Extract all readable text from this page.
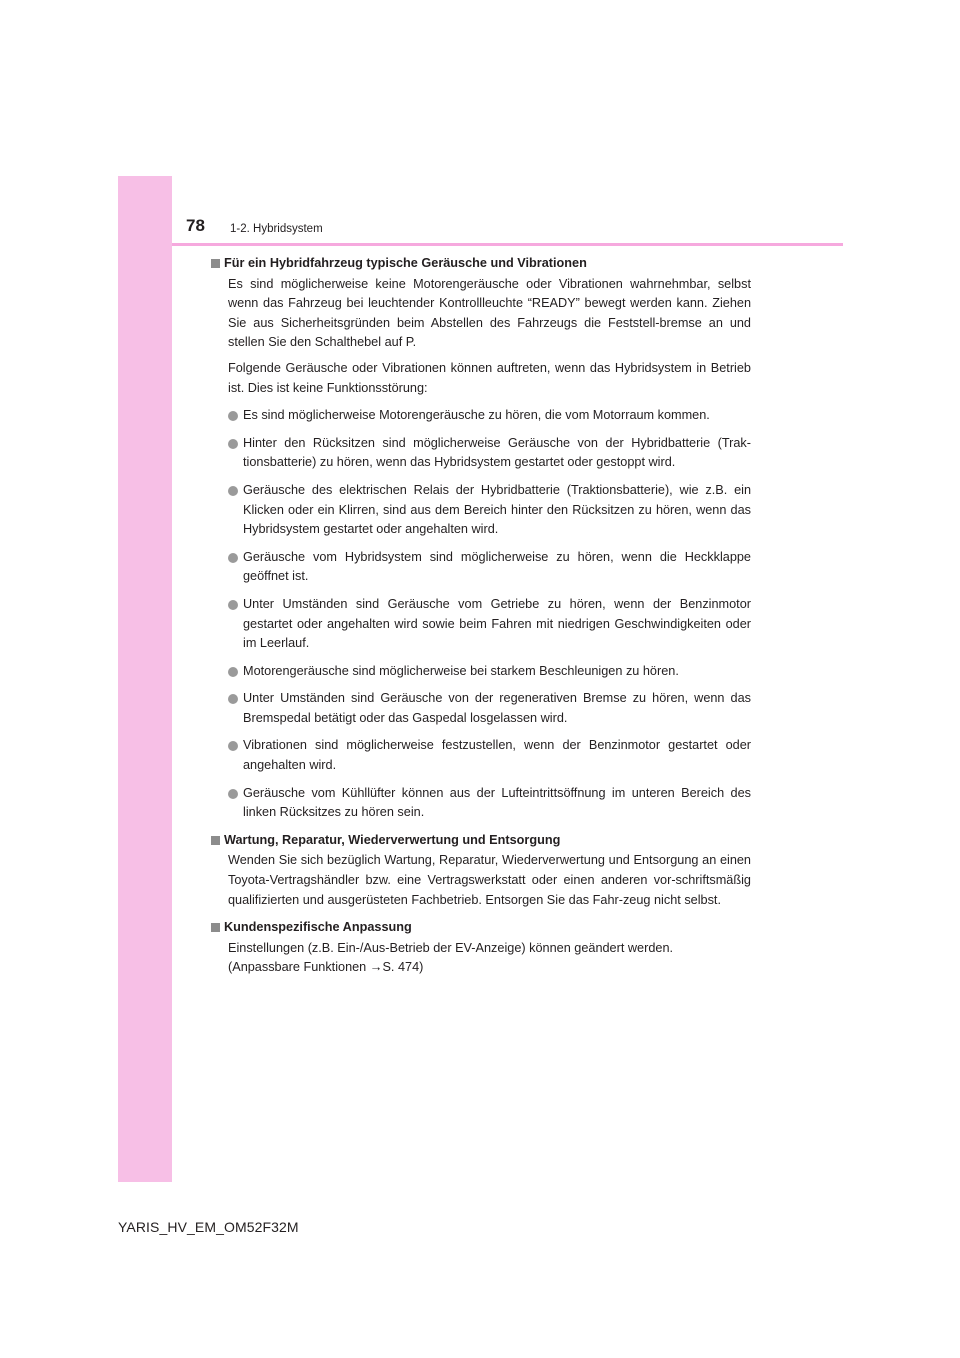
78 1-2. Hybridsystem
Für ein Hybridfahrzeug typische Geräusche und Vibrationen

Es sind möglicherweise keine Motorengeräusche oder Vibrationen wahrnehmbar, selbst wenn das Fahrzeug bei leuchtender Kontrollleuchte “READY” bewegt werden kann. Ziehen Sie aus Sicherheitsgründen beim Abstellen des Fahrzeugs die Feststell-bremse an und stellen Sie den Schalthebel auf P.

Folgende Geräusche oder Vibrationen können auftreten, wenn das Hybridsystem in Betrieb ist. Dies ist keine Funktionsstörung:

Es sind möglicherweise Motorengeräusche zu hören, die vom Motorraum kommen.
Hinter den Rücksitzen sind möglicherweise Geräusche von der Hybridbatterie (Trak-tionsbatterie) zu hören, wenn das Hybridsystem gestartet oder gestoppt wird.
Geräusche des elektrischen Relais der Hybridbatterie (Traktionsbatterie), wie z.B. ein Klicken oder ein Klirren, sind aus dem Bereich hinter den Rücksitzen zu hören, wenn das Hybridsystem gestartet oder angehalten wird.
Geräusche vom Hybridsystem sind möglicherweise zu hören, wenn die Heckklappe geöffnet ist.
Unter Umständen sind Geräusche vom Getriebe zu hören, wenn der Benzinmotor gestartet oder angehalten wird sowie beim Fahren mit niedrigen Geschwindigkeiten oder im Leerlauf.
Motorengeräusche sind möglicherweise bei starkem Beschleunigen zu hören.
Unter Umständen sind Geräusche von der regenerativen Bremse zu hören, wenn das Bremspedal betätigt oder das Gaspedal losgelassen wird.
Vibrationen sind möglicherweise festzustellen, wenn der Benzinmotor gestartet oder angehalten wird.
Geräusche vom Kühllüfter können aus der Lufteintrittsöffnung im unteren Bereich des linken Rücksitzes zu hören sein.
Wartung, Reparatur, Wiederverwertung und Entsorgung

Wenden Sie sich bezüglich Wartung, Reparatur, Wiederverwertung und Entsorgung an einen Toyota-Vertragshändler bzw. eine Vertragswerkstatt oder einen anderen vor-schriftsmäßig qualifizierten und ausgerüsteten Fachbetrieb. Entsorgen Sie das Fahr-zeug nicht selbst.

Kundenspezifische Anpassung

Einstellungen (z.B. Ein-/Aus-Betrieb der EV-Anzeige) können geändert werden.

(Anpassbare Funktionen →S. 474)

YARIS_HV_EM_OM52F32M
